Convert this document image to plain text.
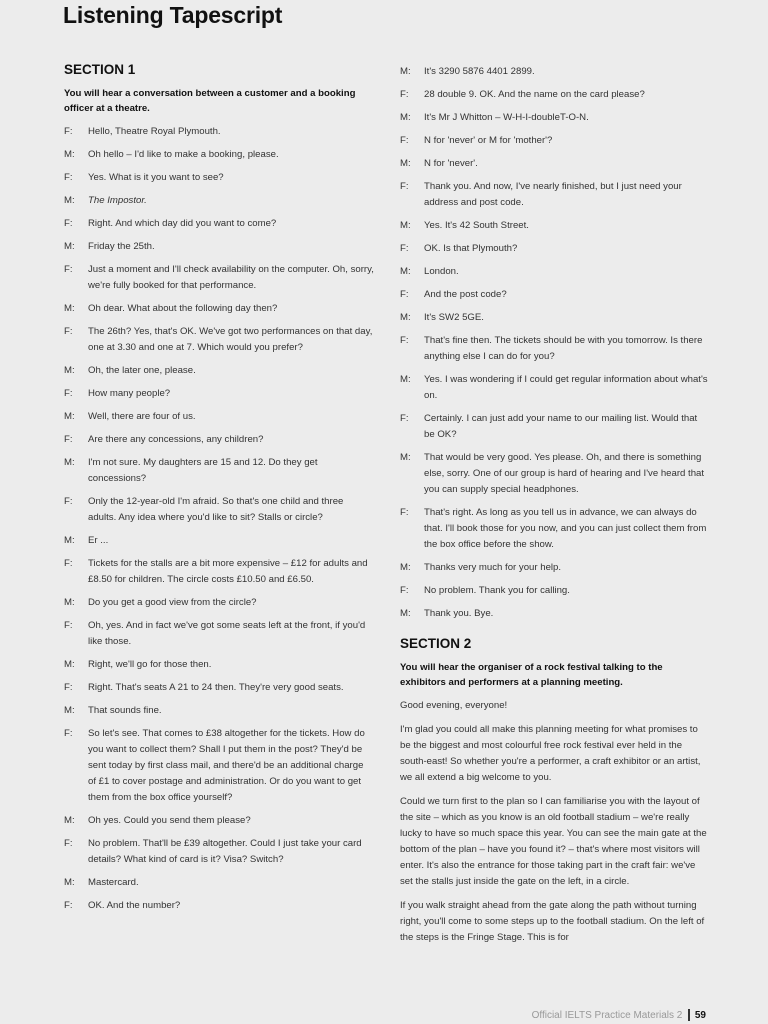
Listening Tapescript
SECTION 1
You will hear a conversation between a customer and a booking officer at a theatre.
F:	Hello, Theatre Royal Plymouth.
M:	Oh hello – I'd like to make a booking, please.
F:	Yes. What is it you want to see?
M:	The Impostor.
F:	Right. And which day did you want to come?
M:	Friday the 25th.
F:	Just a moment and I'll check availability on the computer. Oh, sorry, we're fully booked for that performance.
M:	Oh dear. What about the following day then?
F:	The 26th? Yes, that's OK. We've got two performances on that day, one at 3.30 and one at 7. Which would you prefer?
M:	Oh, the later one, please.
F:	How many people?
M:	Well, there are four of us.
F:	Are there any concessions, any children?
M:	I'm not sure. My daughters are 15 and 12. Do they get concessions?
F:	Only the 12-year-old I'm afraid. So that's one child and three adults. Any idea where you'd like to sit? Stalls or circle?
M:	Er ...
F:	Tickets for the stalls are a bit more expensive – £12 for adults and £8.50 for children. The circle costs £10.50 and £6.50.
M:	Do you get a good view from the circle?
F:	Oh, yes. And in fact we've got some seats left at the front, if you'd like those.
M:	Right, we'll go for those then.
F:	Right. That's seats A 21 to 24 then. They're very good seats.
M:	That sounds fine.
F:	So let's see. That comes to £38 altogether for the tickets. How do you want to collect them? Shall I put them in the post? They'd be sent today by first class mail, and there'd be an additional charge of £1 to cover postage and administration. Or do you want to get them from the box office yourself?
M:	Oh yes. Could you send them please?
F:	No problem. That'll be £39 altogether. Could I just take your card details? What kind of card is it? Visa? Switch?
M:	Mastercard.
F:	OK. And the number?
M:	It's 3290 5876 4401 2899.
F:	28 double 9. OK. And the name on the card please?
M:	It's Mr J Whitton – W-H-I-doubleT-O-N.
F:	N for 'never' or M for 'mother'?
M:	N for 'never'.
F:	Thank you. And now, I've nearly finished, but I just need your address and post code.
M:	Yes. It's 42 South Street.
F:	OK. Is that Plymouth?
M:	London.
F:	And the post code?
M:	It's SW2 5GE.
F:	That's fine then. The tickets should be with you tomorrow. Is there anything else I can do for you?
M:	Yes. I was wondering if I could get regular information about what's on.
F:	Certainly. I can just add your name to our mailing list. Would that be OK?
M:	That would be very good. Yes please. Oh, and there is something else, sorry. One of our group is hard of hearing and I've heard that you can supply special headphones.
F:	That's right. As long as you tell us in advance, we can always do that. I'll book those for you now, and you can just collect them from the box office before the show.
M:	Thanks very much for your help.
F:	No problem. Thank you for calling.
M:	Thank you. Bye.
SECTION 2
You will hear the organiser of a rock festival talking to the exhibitors and performers at a planning meeting.

Good evening, everyone!

I'm glad you could all make this planning meeting for what promises to be the biggest and most colourful free rock festival ever held in the south-east! So whether you're a performer, a craft exhibitor or an artist, we all extend a big welcome to you.

Could we turn first to the plan so I can familiarise you with the layout of the site – which as you know is an old football stadium – we're really lucky to have so much space this year. You can see the main gate at the bottom of the plan – have you found it? – that's where most visitors will enter. It's also the entrance for those taking part in the craft fair: we've set the stalls just inside the gate on the left, in a circle.

If you walk straight ahead from the gate along the path without turning right, you'll come to some steps up to the football stadium. On the left of the steps is the Fringe Stage. This is for

Official IELTS Practice Materials 2 59
